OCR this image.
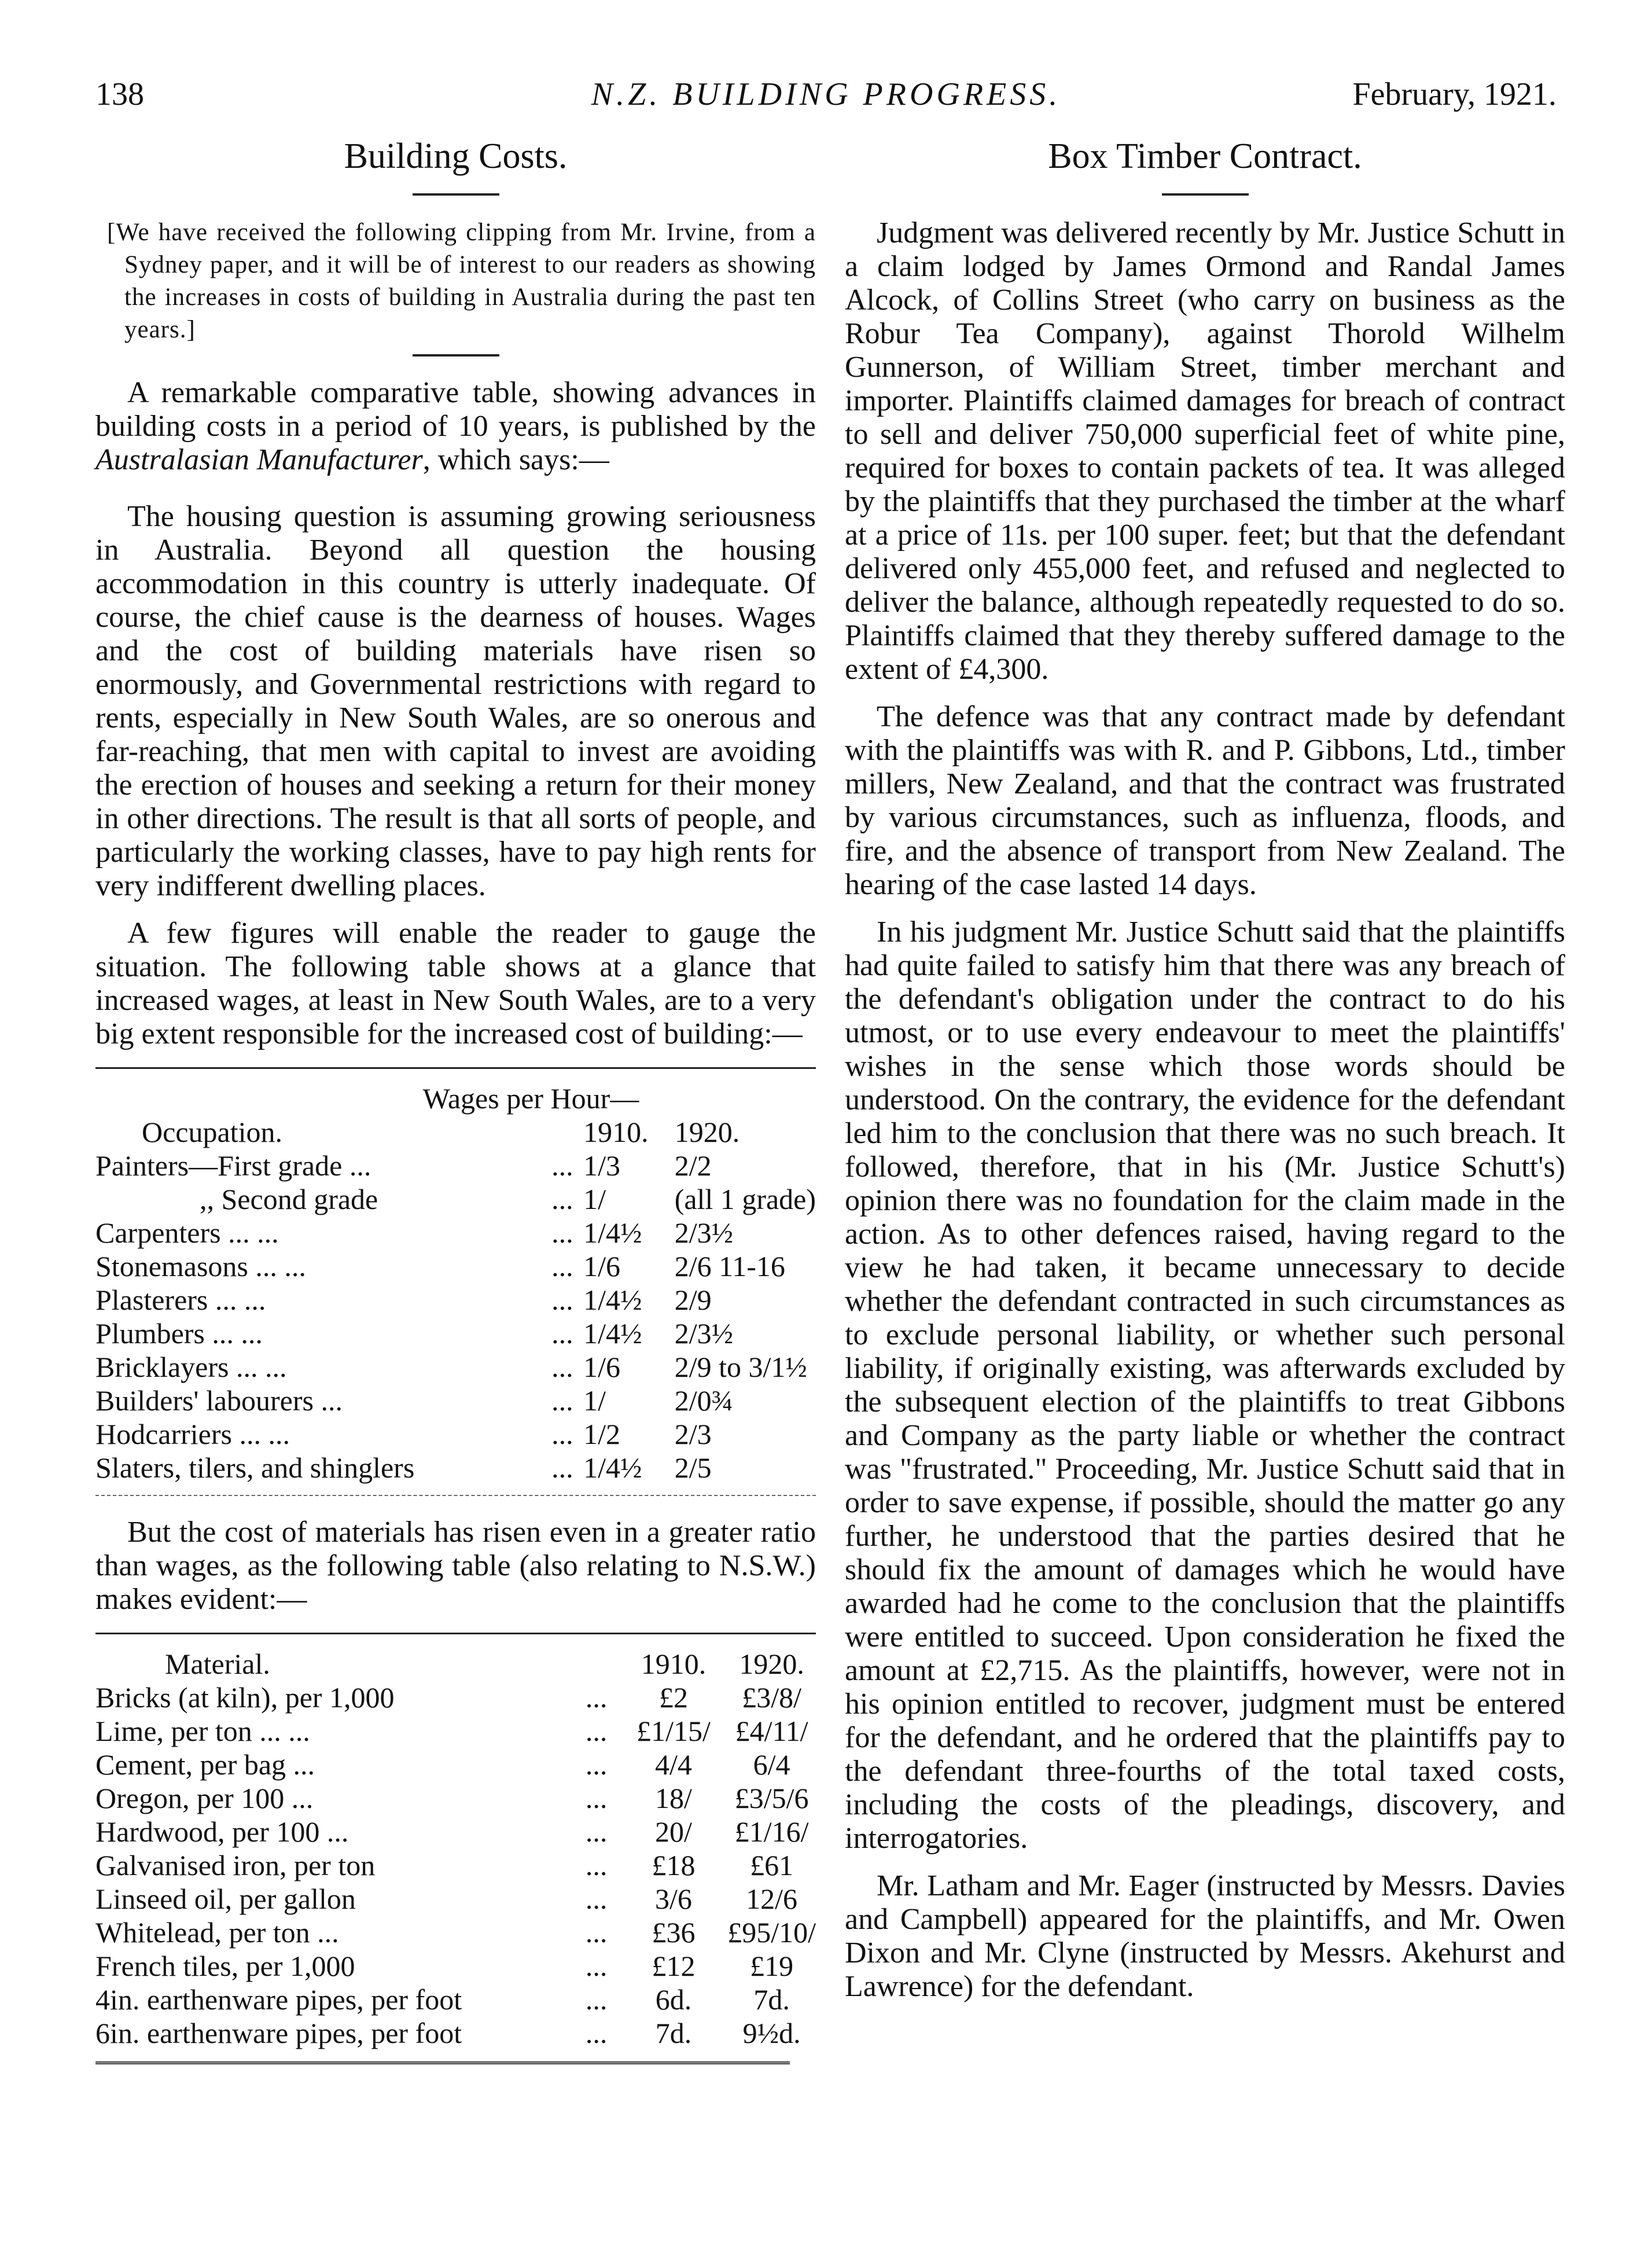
138	N.Z. BUILDING PROGRESS.	February, 1921.
Building Costs.

[We have received the following clipping from Mr. Irvine, from a Sydney paper, and it will be of interest to our readers as showing the increases in costs of building in Australia during the past ten years.]

A remarkable comparative table, showing advances in building costs in a period of 10 years, is published by the Australasian Manufacturer, which says:—

The housing question is assuming growing seriousness in Australia. Beyond all question the housing accommodation in this country is utterly inadequate. Of course, the chief cause is the dearness of houses. Wages and the cost of building materials have risen so enormously, and Governmental restrictions with regard to rents, especially in New South Wales, are so onerous and far-reaching, that men with capital to invest are avoiding the erection of houses and seeking a return for their money in other directions. The result is that all sorts of people, and particularly the working classes, have to pay high rents for very indifferent dwelling places.

A few figures will enable the reader to gauge the situation. The following table shows at a glance that increased wages, at least in New South Wales, are to a very big extent responsible for the increased cost of building:—

Wages per Hour—			
Occupation.		1910.	1920.
Painters—First grade ...	...	1/3	2/2
,, Second grade	...	1/	(all 1 grade)
Carpenters ... ...	...	1/4½	2/3½
Stonemasons ... ...	...	1/6	2/6 11-16
Plasterers ... ...	...	1/4½	2/9
Plumbers ... ...	...	1/4½	2/3½
Bricklayers ... ...	...	1/6	2/9 to 3/1½
Builders' labourers ...	...	1/	2/0¾
Hodcarriers ... ...	...	1/2	2/3
Slaters, tilers, and shinglers	...	1/4½	2/5

But the cost of materials has risen even in a greater ratio than wages, as the following table (also relating to N.S.W.) makes evident:—

Material.		1910.	1920.
Bricks (at kiln), per 1,000	...	£2	£3/8/
Lime, per ton ... ...	...	£1/15/	£4/11/
Cement, per bag ...	...	4/4	6/4
Oregon, per 100 ...	...	18/	£3/5/6
Hardwood, per 100 ...	...	20/	£1/16/
Galvanised iron, per ton	...	£18	£61
Linseed oil, per gallon	...	3/6	12/6
Whitelead, per ton ...	...	£36	£95/10/
French tiles, per 1,000	...	£12	£19
4in. earthenware pipes, per foot	...	6d.	7d.
6in. earthenware pipes, per foot	...	7d.	9½d.
Box Timber Contract.

Judgment was delivered recently by Mr. Justice Schutt in a claim lodged by James Ormond and Randal James Alcock, of Collins Street (who carry on business as the Robur Tea Company), against Thorold Wilhelm Gunnerson, of William Street, timber merchant and importer. Plaintiffs claimed damages for breach of contract to sell and deliver 750,000 superficial feet of white pine, required for boxes to contain packets of tea. It was alleged by the plaintiffs that they purchased the timber at the wharf at a price of 11s. per 100 super. feet; but that the defendant delivered only 455,000 feet, and refused and neglected to deliver the balance, although repeatedly requested to do so. Plaintiffs claimed that they thereby suffered damage to the extent of £4,300.

The defence was that any contract made by defendant with the plaintiffs was with R. and P. Gibbons, Ltd., timber millers, New Zealand, and that the contract was frustrated by various circumstances, such as influenza, floods, and fire, and the absence of transport from New Zealand. The hearing of the case lasted 14 days.

In his judgment Mr. Justice Schutt said that the plaintiffs had quite failed to satisfy him that there was any breach of the defendant's obligation under the contract to do his utmost, or to use every endeavour to meet the plaintiffs' wishes in the sense which those words should be understood. On the contrary, the evidence for the defendant led him to the conclusion that there was no such breach. It followed, therefore, that in his (Mr. Justice Schutt's) opinion there was no foundation for the claim made in the action. As to other defences raised, having regard to the view he had taken, it became unnecessary to decide whether the defendant contracted in such circumstances as to exclude personal liability, or whether such personal liability, if originally existing, was afterwards excluded by the subsequent election of the plaintiffs to treat Gibbons and Company as the party liable or whether the contract was "frustrated." Proceeding, Mr. Justice Schutt said that in order to save expense, if possible, should the matter go any further, he understood that the parties desired that he should fix the amount of damages which he would have awarded had he come to the conclusion that the plaintiffs were entitled to succeed. Upon consideration he fixed the amount at £2,715. As the plaintiffs, however, were not in his opinion entitled to recover, judgment must be entered for the defendant, and he ordered that the plaintiffs pay to the defendant three-fourths of the total taxed costs, including the costs of the pleadings, discovery, and interrogatories.

Mr. Latham and Mr. Eager (instructed by Messrs. Davies and Campbell) appeared for the plaintiffs, and Mr. Owen Dixon and Mr. Clyne (instructed by Messrs. Akehurst and Lawrence) for the defendant.
